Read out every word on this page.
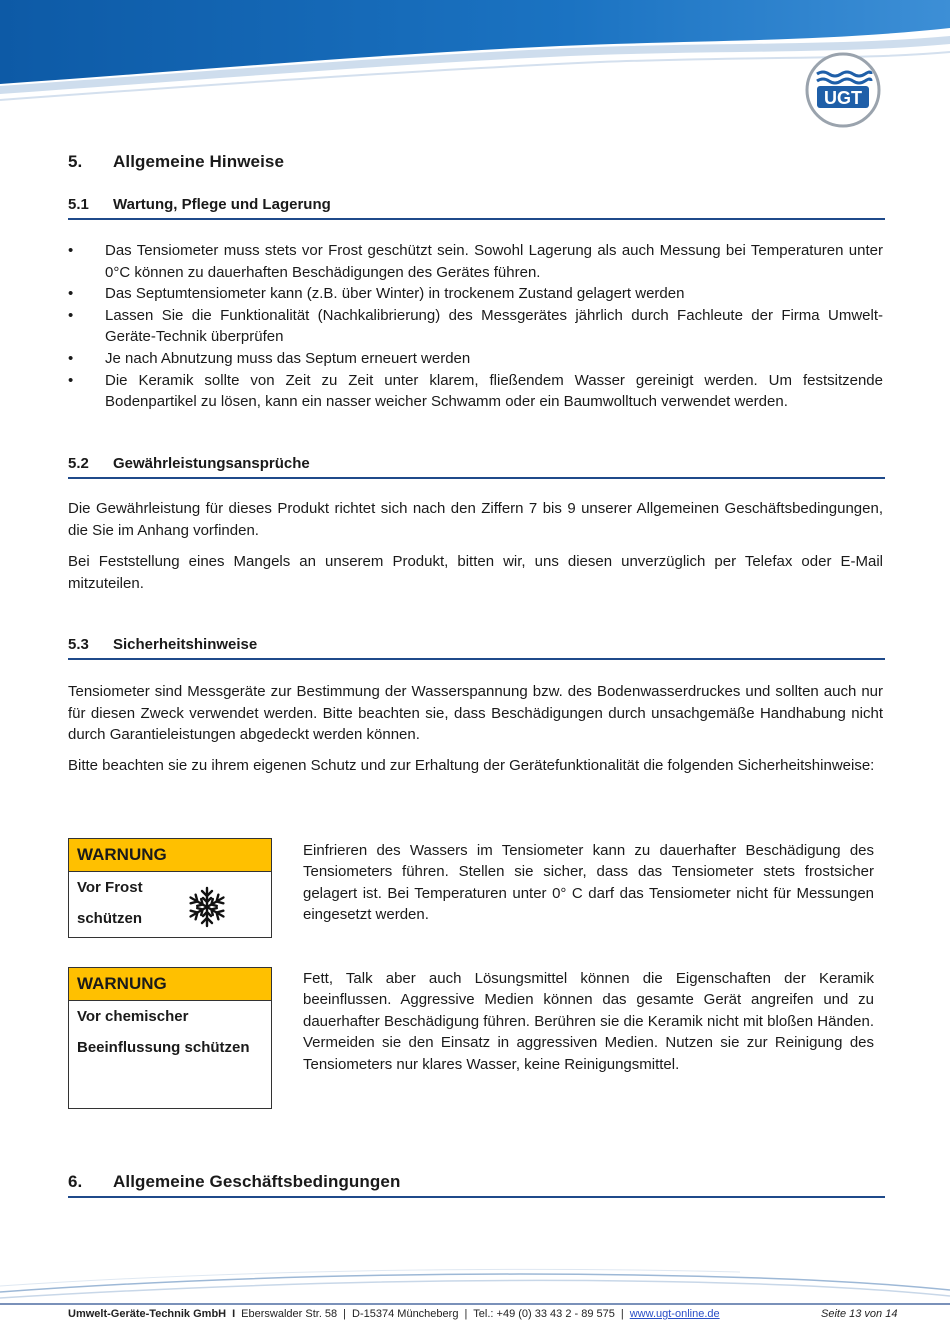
UGT
5. Allgemeine Hinweise
5.1 Wartung, Pflege und Lagerung
• Das Tensiometer muss stets vor Frost geschützt sein. Sowohl Lagerung als auch Messung bei Temperaturen unter 0°C können zu dauerhaften Beschädigungen des Gerätes führen.
• Das Septumtensiometer kann (z.B. über Winter) in trockenem Zustand gelagert werden
• Lassen Sie die Funktionalität (Nachkalibrierung) des Messgerätes jährlich durch Fachleute der Firma Umwelt-Geräte-Technik überprüfen
• Je nach Abnutzung muss das Septum erneuert werden
• Die Keramik sollte von Zeit zu Zeit unter klarem, fließendem Wasser gereinigt werden. Um festsitzende Bodenpartikel zu lösen, kann ein nasser weicher Schwamm oder ein Baumwolltuch verwendet werden.
5.2 Gewährleistungsansprüche

Die Gewährleistung für dieses Produkt richtet sich nach den Ziffern 7 bis 9 unserer Allgemeinen Geschäftsbedingungen, die Sie im Anhang vorfinden.

Bei Feststellung eines Mangels an unserem Produkt, bitten wir, uns diesen unverzüglich per Telefax oder E-Mail mitzuteilen.

5.3 Sicherheitshinweise

Tensiometer sind Messgeräte zur Bestimmung der Wasserspannung bzw. des Bodenwasserdruckes und sollten auch nur für diesen Zweck verwendet werden. Bitte beachten sie, dass Beschädigungen durch unsachgemäße Handhabung nicht durch Garantieleistungen abgedeckt werden können.

Bitte beachten sie zu ihrem eigenen Schutz und zur Erhaltung der Gerätefunktionalität die folgenden Sicherheitshinweise:

WARNUNG
Vor Frost
schützen

Einfrieren des Wassers im Tensiometer kann zu dauerhafter Beschädigung des Tensiometers führen. Stellen sie sicher, dass das Tensiometer stets frostsicher gelagert ist. Bei Temperaturen unter 0° C darf das Tensiometer nicht für Messungen eingesetzt werden.

WARNUNG
Vor chemischer
Beeinflussung schützen

Fett, Talk aber auch Lösungsmittel können die Eigenschaften der Keramik beeinflussen. Aggressive Medien können das gesamte Gerät angreifen und zu dauerhafter Beschädigung führen. Berühren sie die Keramik nicht mit bloßen Händen. Vermeiden sie den Einsatz in aggressiven Medien. Nutzen sie zur Reinigung des Tensiometers nur klares Wasser, keine Reinigungsmittel.

6. Allgemeine Geschäftsbedingungen
Umwelt-Geräte-Technik GmbH I Eberswalder Str. 58 | D-15374 Müncheberg | Tel.: +49 (0) 33 43 2 - 89 575 | www.ugt-online.de	Seite 13 von 14
